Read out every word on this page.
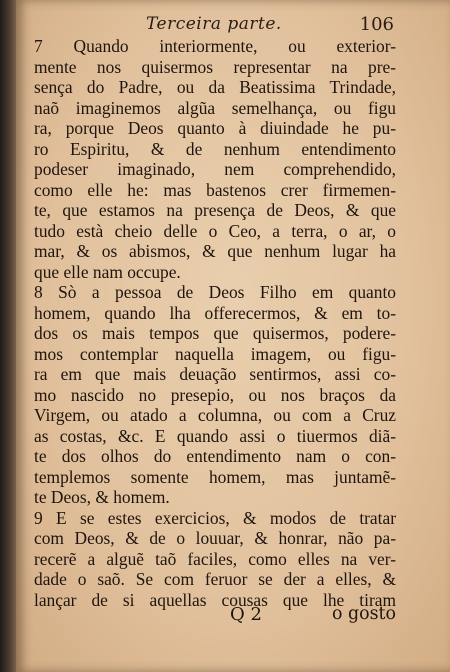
Terceira parte.	106
7 Quando interiormente, ou exterior-
mente nos quisermos representar na pre-
sença do Padre, ou da Beatissima Trindade,
naõ imaginemos algũa semelhança, ou figu
ra, porque Deos quanto à diuindade he pu-
ro Espiritu, & de nenhum entendimento
podeser imaginado, nem comprehendido,
como elle he: mas bastenos crer firmemen-
te, que estamos na presença de Deos, & que
tudo està cheio delle o Ceo, a terra, o ar, o
mar, & os abismos, & que nenhum lugar ha
que elle nam occupe.
8 Sò a pessoa de Deos Filho em quanto
homem, quando lha offerecermos, & em to-
dos os mais tempos que quisermos, podere-
mos contemplar naquella imagem, ou figu-
ra em que mais deuação sentirmos, assi co-
mo nascido no presepio, ou nos braços da
Virgem, ou atado a columna, ou com a Cruz
as costas, &c. E quando assi o tiuermos diã-
te dos olhos do entendimento nam o con-
templemos somente homem, mas juntamẽ-
te Deos, & homem.
9 E se estes exercicios, & modos de tratar
com Deos, & de o louuar, & honrar, não pa-
recerẽ a alguẽ taõ faciles, como elles na ver-
dade o saõ. Se com feruor se der a elles, &
lançar de si aquellas cousas que lhe tiram
Q 2	o gosto
